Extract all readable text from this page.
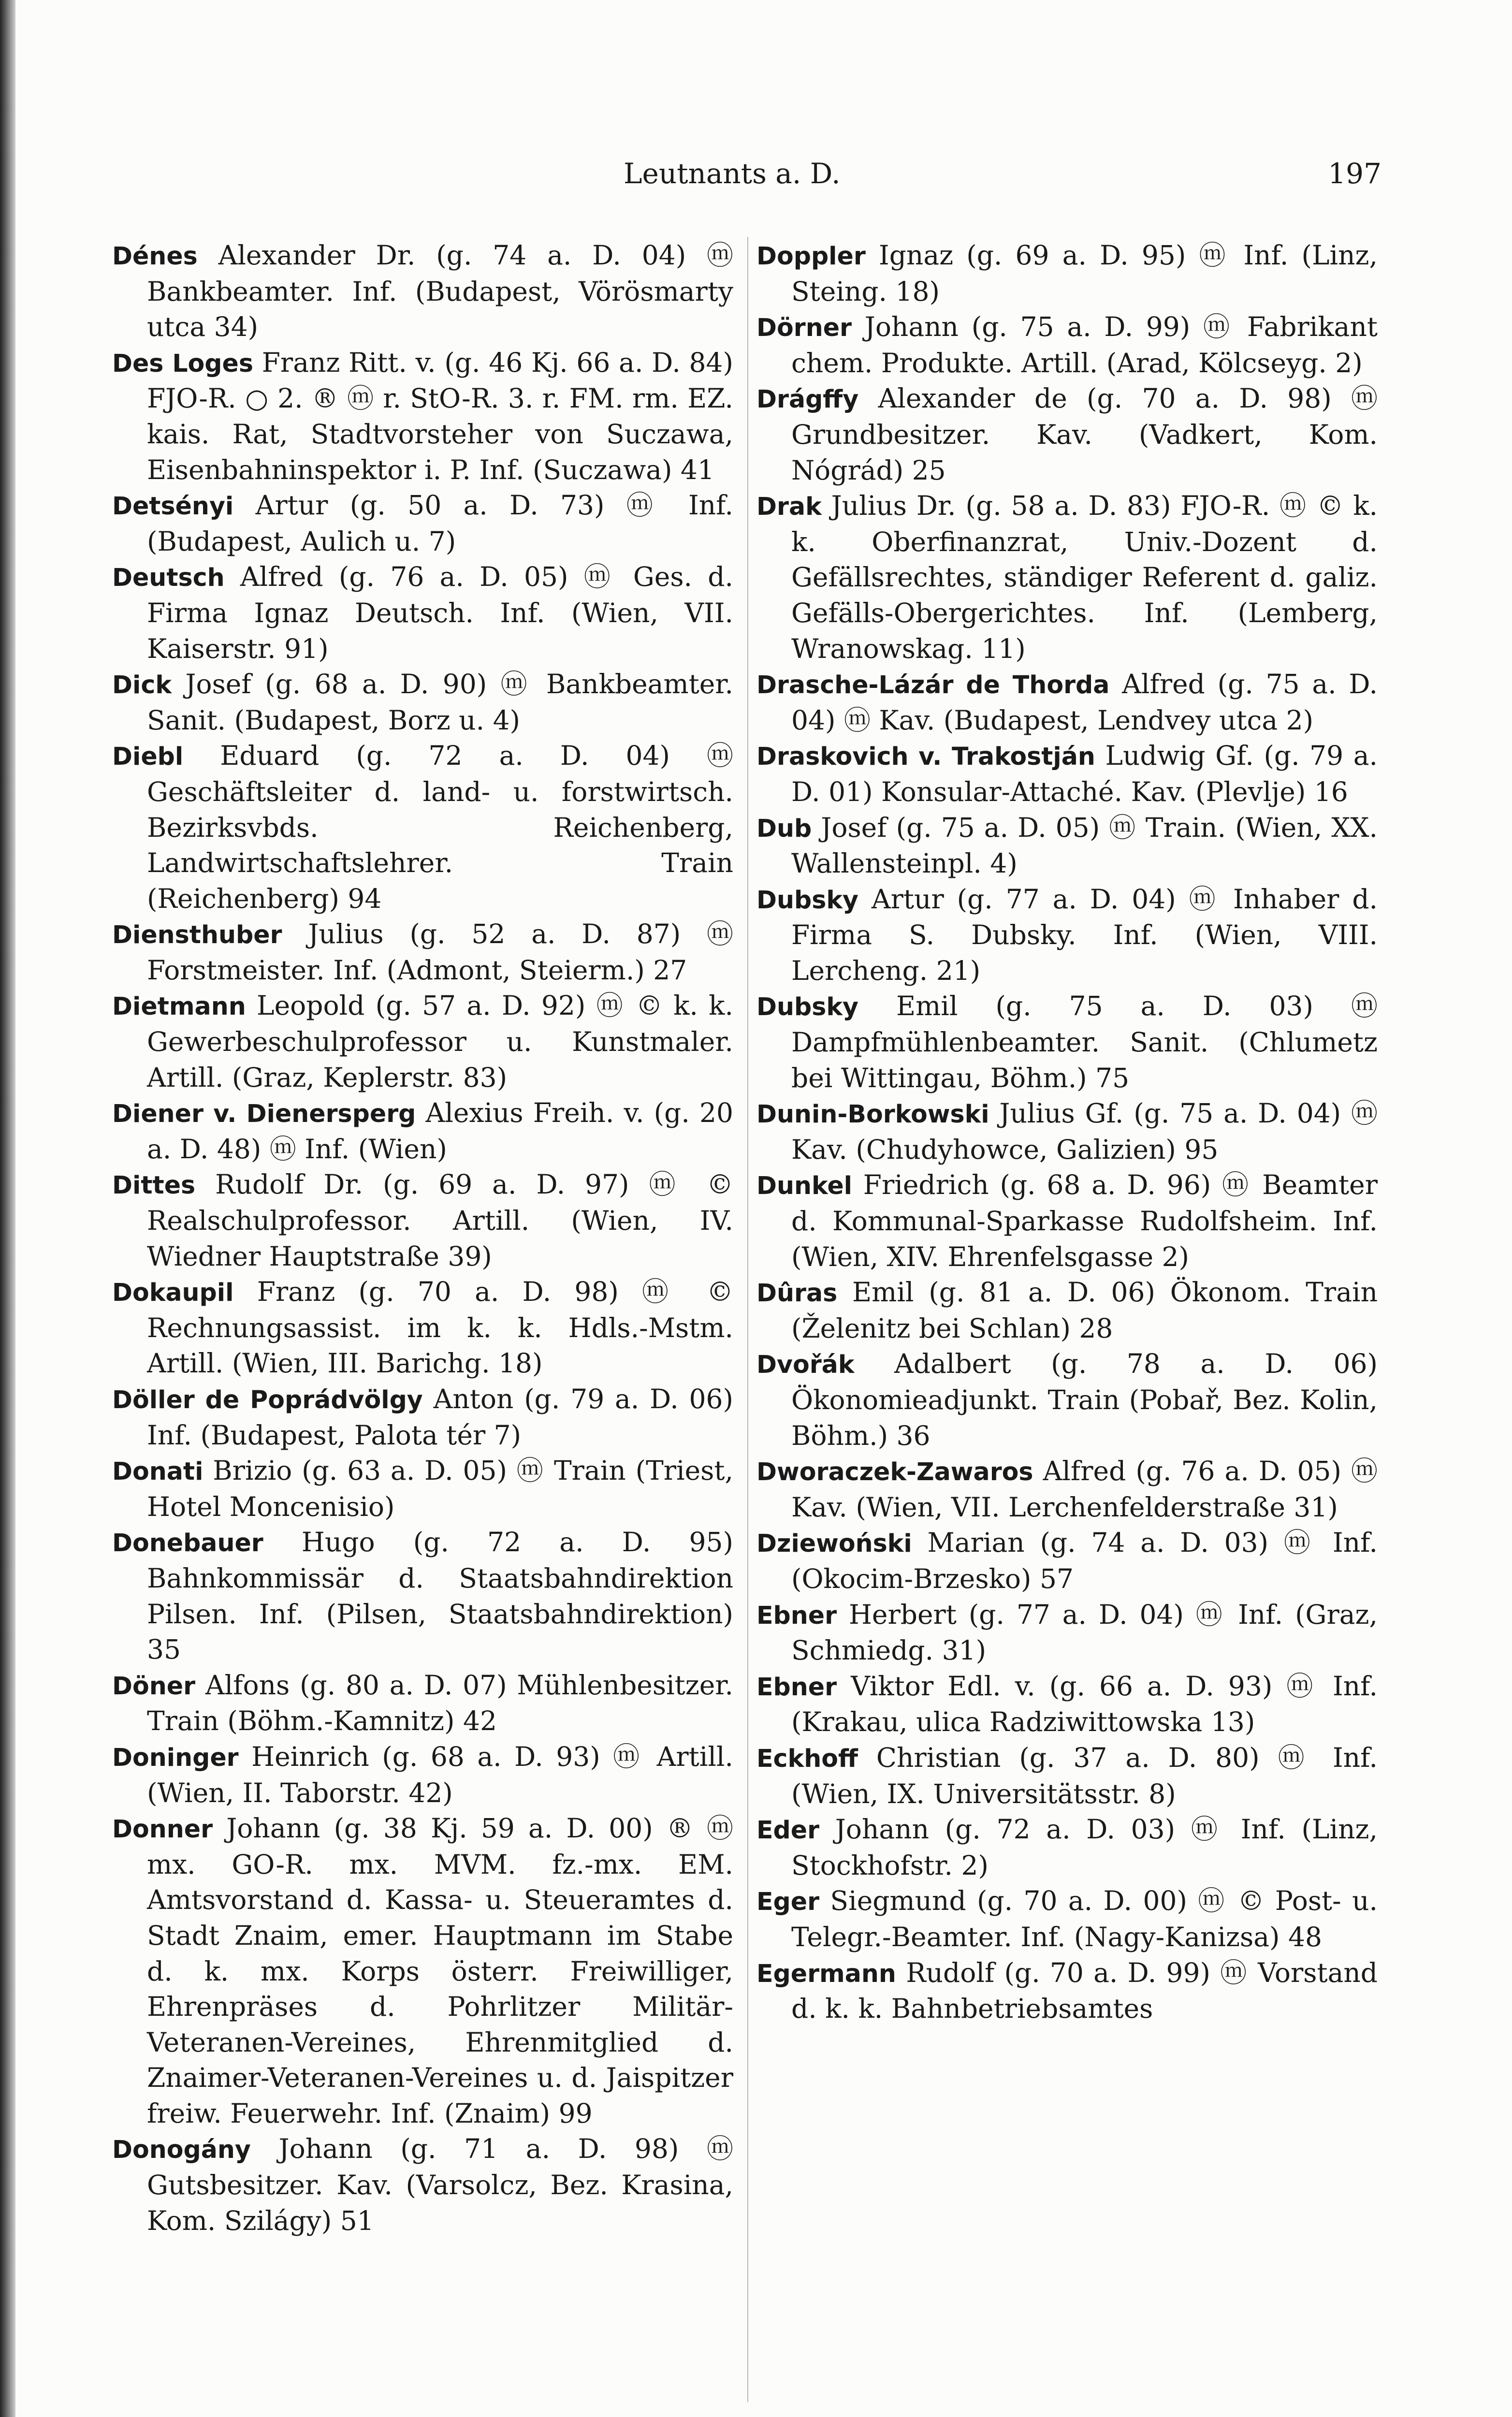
Leutnants a. D.	197
Dénes Alexander Dr. (g. 74 a. D. 04) ⓜ Bankbeamter. Inf. (Budapest, Vörösmarty utca 34)
Des Loges Franz Ritt. v. (g. 46 Kj. 66 a. D. 84) FJO-R. ○ 2. ® ⓜ r. StO-R. 3. r. FM. rm. EZ. kais. Rat, Stadtvorsteher von Suczawa, Eisenbahninspektor i. P. Inf. (Suczawa) 41
Detsényi Artur (g. 50 a. D. 73) ⓜ Inf. (Budapest, Aulich u. 7)
Deutsch Alfred (g. 76 a. D. 05) ⓜ Ges. d. Firma Ignaz Deutsch. Inf. (Wien, VII. Kaiserstr. 91)
Dick Josef (g. 68 a. D. 90) ⓜ Bankbeamter. Sanit. (Budapest, Borz u. 4)
Diebl Eduard (g. 72 a. D. 04) ⓜ Geschäftsleiter d. land- u. forstwirtsch. Bezirksvbds. Reichenberg, Landwirtschaftslehrer. Train (Reichenberg) 94
Diensthuber Julius (g. 52 a. D. 87) ⓜ Forstmeister. Inf. (Admont, Steierm.) 27
Dietmann Leopold (g. 57 a. D. 92) ⓜ © k. k. Gewerbeschulprofessor u. Kunstmaler. Artill. (Graz, Keplerstr. 83)
Diener v. Dienersperg Alexius Freih. v. (g. 20 a. D. 48) ⓜ Inf. (Wien)
Dittes Rudolf Dr. (g. 69 a. D. 97) ⓜ © Realschulprofessor. Artill. (Wien, IV. Wiedner Hauptstraße 39)
Dokaupil Franz (g. 70 a. D. 98) ⓜ © Rechnungsassist. im k. k. Hdls.-Mstm. Artill. (Wien, III. Barichg. 18)
Döller de Poprádvölgy Anton (g. 79 a. D. 06) Inf. (Budapest, Palota tér 7)
Donati Brizio (g. 63 a. D. 05) ⓜ Train (Triest, Hotel Moncenisio)
Donebauer Hugo (g. 72 a. D. 95) Bahnkommissär d. Staatsbahndirektion Pilsen. Inf. (Pilsen, Staatsbahndirektion) 35
Döner Alfons (g. 80 a. D. 07) Mühlenbesitzer. Train (Böhm.-Kamnitz) 42
Doninger Heinrich (g. 68 a. D. 93) ⓜ Artill. (Wien, II. Taborstr. 42)
Donner Johann (g. 38 Kj. 59 a. D. 00) ® ⓜ mx. GO-R. mx. MVM. fz.-mx. EM. Amtsvorstand d. Kassa- u. Steueramtes d. Stadt Znaim, emer. Hauptmann im Stabe d. k. mx. Korps österr. Freiwilliger, Ehrenpräses d. Pohrlitzer Militär-Veteranen-Vereines, Ehrenmitglied d. Znaimer-Veteranen-Vereines u. d. Jaispitzer freiw. Feuerwehr. Inf. (Znaim) 99
Donogány Johann (g. 71 a. D. 98) ⓜ Gutsbesitzer. Kav. (Varsolcz, Bez. Krasina, Kom. Szilágy) 51
Doppler Ignaz (g. 69 a. D. 95) ⓜ Inf. (Linz, Steing. 18)
Dörner Johann (g. 75 a. D. 99) ⓜ Fabrikant chem. Produkte. Artill. (Arad, Kölcseyg. 2)
Drágffy Alexander de (g. 70 a. D. 98) ⓜ Grundbesitzer. Kav. (Vadkert, Kom. Nógrád) 25
Drak Julius Dr. (g. 58 a. D. 83) FJO-R. ⓜ © k. k. Oberfinanzrat, Univ.-Dozent d. Gefällsrechtes, ständiger Referent d. galiz. Gefälls-Obergerichtes. Inf. (Lemberg, Wranowskag. 11)
Drasche-Lázár de Thorda Alfred (g. 75 a. D. 04) ⓜ Kav. (Budapest, Lendvey utca 2)
Draskovich v. Trakostján Ludwig Gf. (g. 79 a. D. 01) Konsular-Attaché. Kav. (Plevlje) 16
Dub Josef (g. 75 a. D. 05) ⓜ Train. (Wien, XX. Wallensteinpl. 4)
Dubsky Artur (g. 77 a. D. 04) ⓜ Inhaber d. Firma S. Dubsky. Inf. (Wien, VIII. Lercheng. 21)
Dubsky Emil (g. 75 a. D. 03) ⓜ Dampfmühlenbeamter. Sanit. (Chlumetz bei Wittingau, Böhm.) 75
Dunin-Borkowski Julius Gf. (g. 75 a. D. 04) ⓜ Kav. (Chudyhowce, Galizien) 95
Dunkel Friedrich (g. 68 a. D. 96) ⓜ Beamter d. Kommunal-Sparkasse Rudolfsheim. Inf. (Wien, XIV. Ehrenfelsgasse 2)
Dûras Emil (g. 81 a. D. 06) Ökonom. Train (Želenitz bei Schlan) 28
Dvořák Adalbert (g. 78 a. D. 06) Ökonomieadjunkt. Train (Pobař, Bez. Kolin, Böhm.) 36
Dworaczek-Zawaros Alfred (g. 76 a. D. 05) ⓜ Kav. (Wien, VII. Lerchenfelderstraße 31)
Dziewoński Marian (g. 74 a. D. 03) ⓜ Inf. (Okocim-Brzesko) 57
Ebner Herbert (g. 77 a. D. 04) ⓜ Inf. (Graz, Schmiedg. 31)
Ebner Viktor Edl. v. (g. 66 a. D. 93) ⓜ Inf. (Krakau, ulica Radziwittowska 13)
Eckhoff Christian (g. 37 a. D. 80) ⓜ Inf. (Wien, IX. Universitätsstr. 8)
Eder Johann (g. 72 a. D. 03) ⓜ Inf. (Linz, Stockhofstr. 2)
Eger Siegmund (g. 70 a. D. 00) ⓜ © Post- u. Telegr.-Beamter. Inf. (Nagy-Kanizsa) 48
Egermann Rudolf (g. 70 a. D. 99) ⓜ Vorstand d. k. k. Bahnbetriebsamtes
